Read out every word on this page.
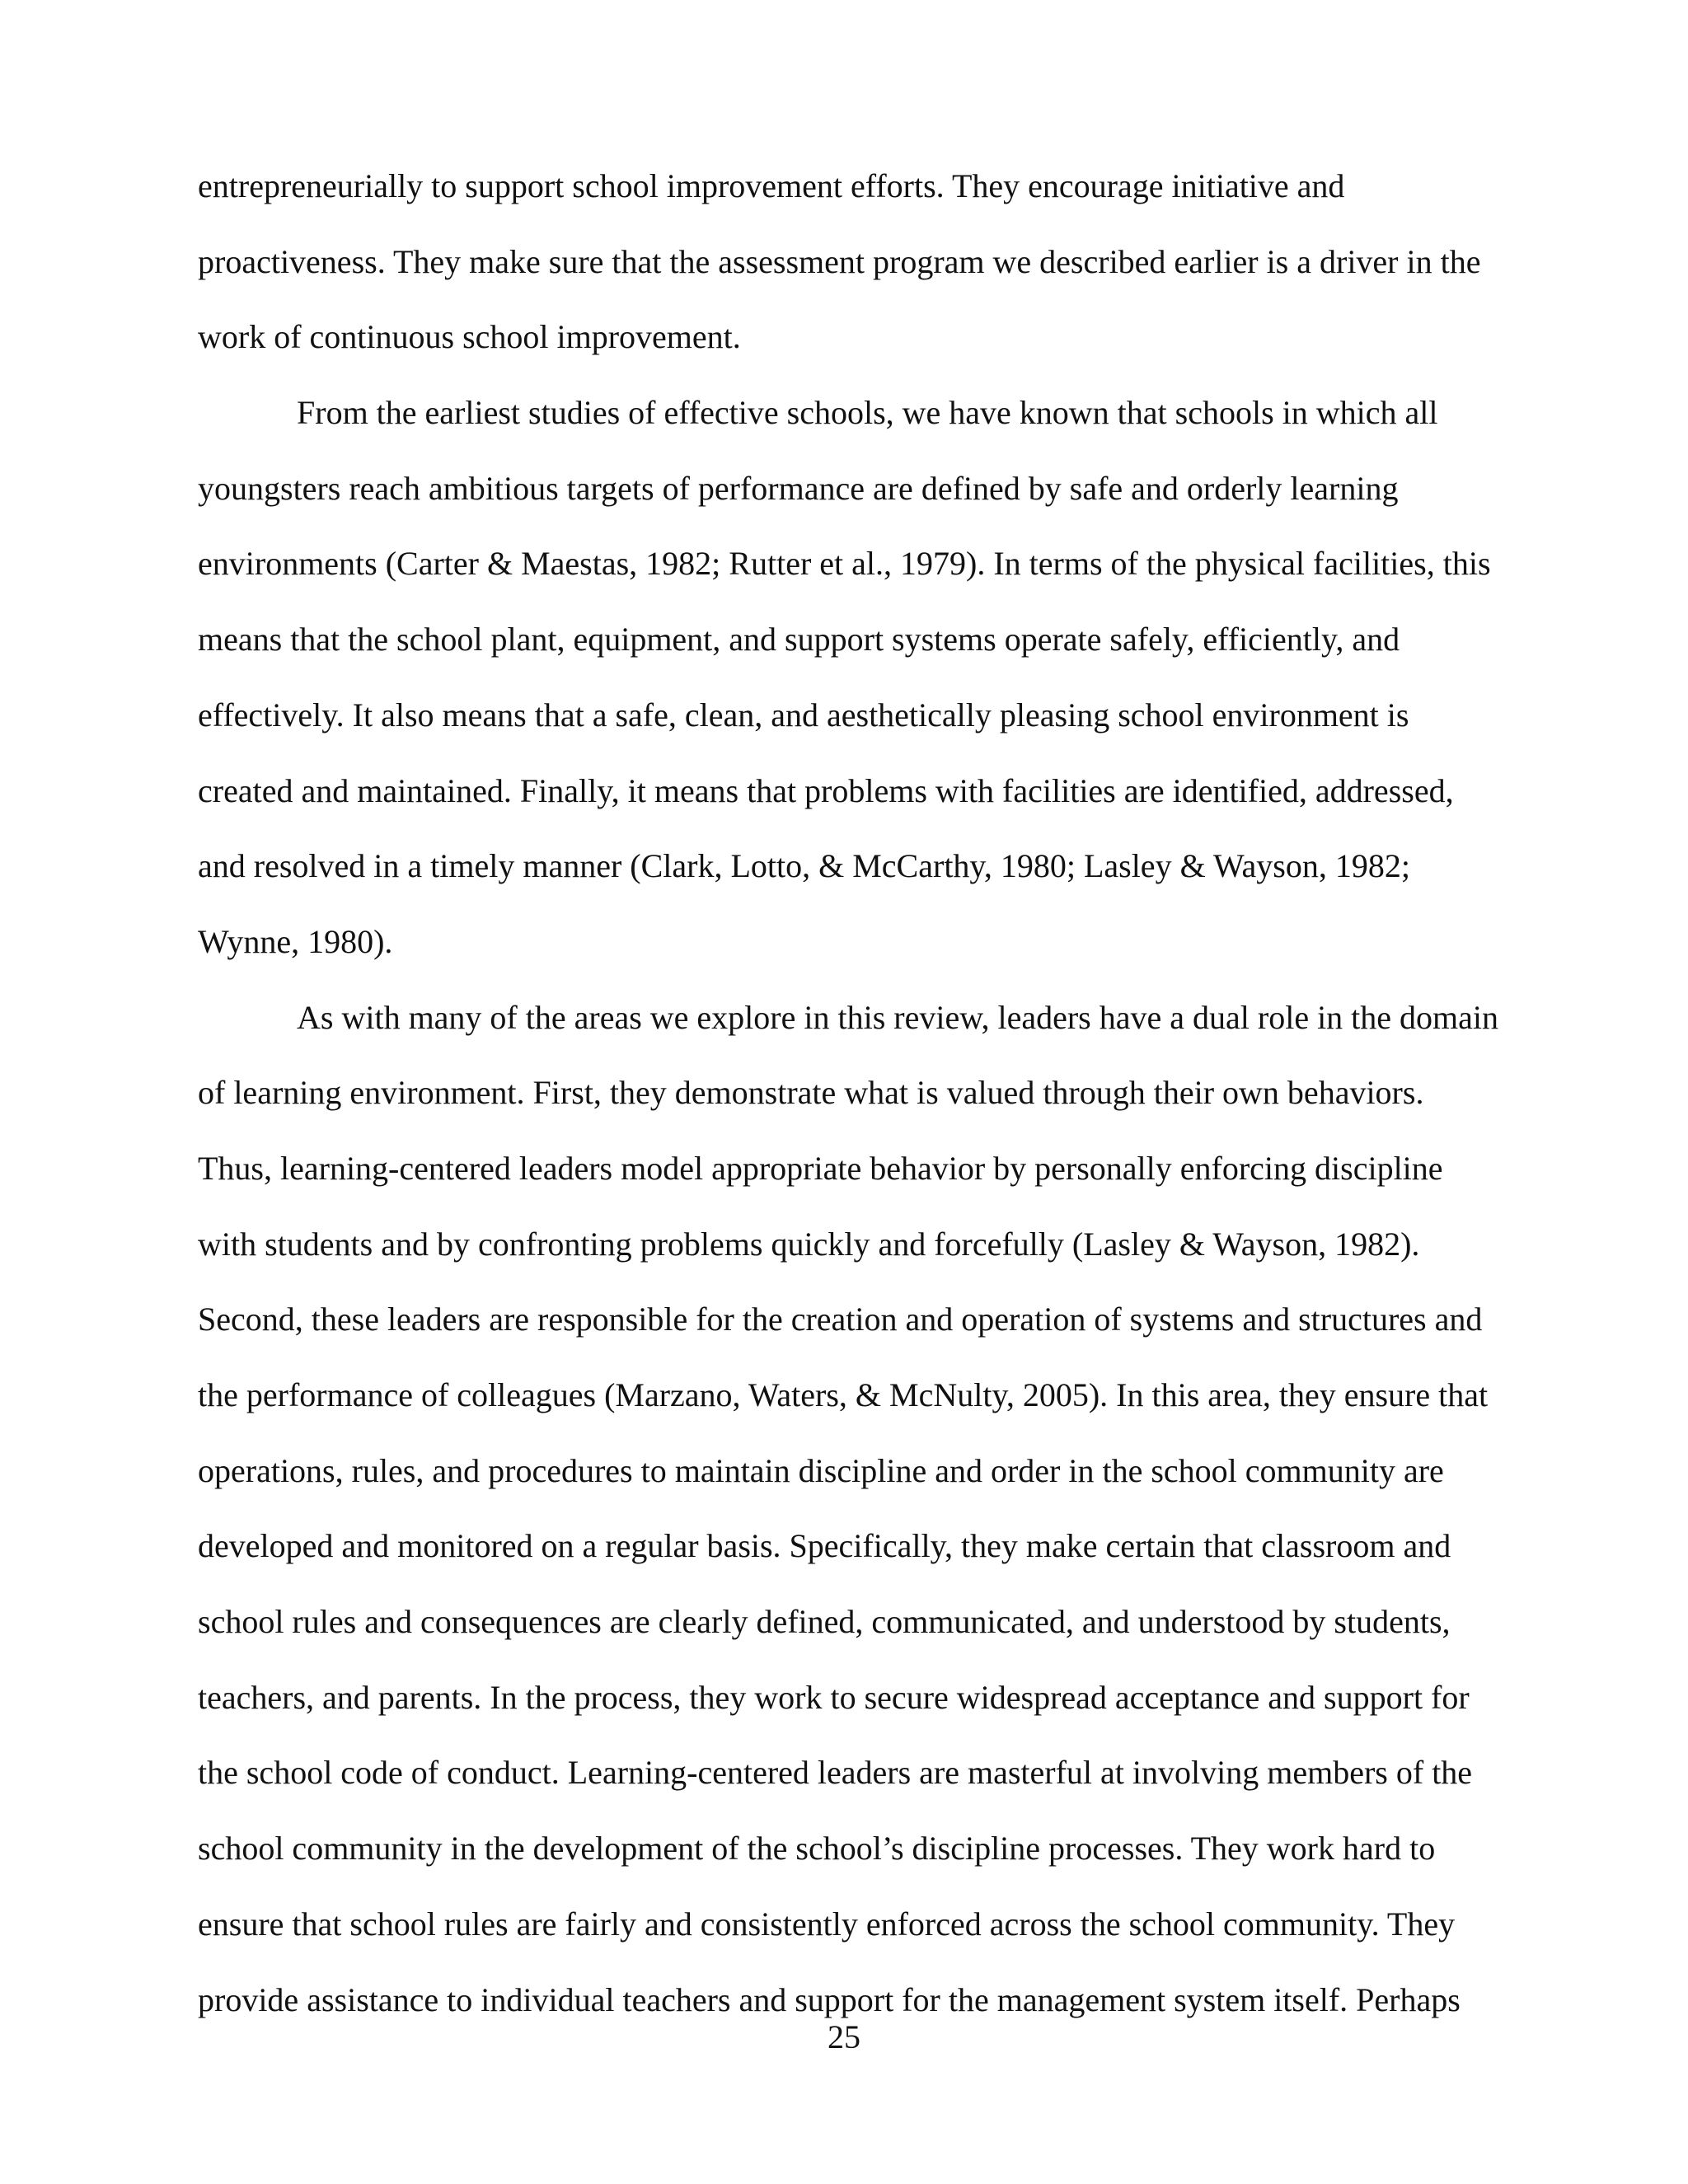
entrepreneurially to support school improvement efforts. They encourage initiative and
proactiveness. They make sure that the assessment program we described earlier is a driver in the
work of continuous school improvement.
From the earliest studies of effective schools, we have known that schools in which all
youngsters reach ambitious targets of performance are defined by safe and orderly learning
environments (Carter & Maestas, 1982; Rutter et al., 1979). In terms of the physical facilities, this
means that the school plant, equipment, and support systems operate safely, efficiently, and
effectively. It also means that a safe, clean, and aesthetically pleasing school environment is
created and maintained. Finally, it means that problems with facilities are identified, addressed,
and resolved in a timely manner (Clark, Lotto, & McCarthy, 1980; Lasley & Wayson, 1982;
Wynne, 1980).
As with many of the areas we explore in this review, leaders have a dual role in the domain
of learning environment. First, they demonstrate what is valued through their own behaviors.
Thus, learning-centered leaders model appropriate behavior by personally enforcing discipline
with students and by confronting problems quickly and forcefully (Lasley & Wayson, 1982).
Second, these leaders are responsible for the creation and operation of systems and structures and
the performance of colleagues (Marzano, Waters, & McNulty, 2005). In this area, they ensure that
operations, rules, and procedures to maintain discipline and order in the school community are
developed and monitored on a regular basis. Specifically, they make certain that classroom and
school rules and consequences are clearly defined, communicated, and understood by students,
teachers, and parents. In the process, they work to secure widespread acceptance and support for
the school code of conduct. Learning-centered leaders are masterful at involving members of the
school community in the development of the school’s discipline processes. They work hard to
ensure that school rules are fairly and consistently enforced across the school community. They
provide assistance to individual teachers and support for the management system itself. Perhaps
25
